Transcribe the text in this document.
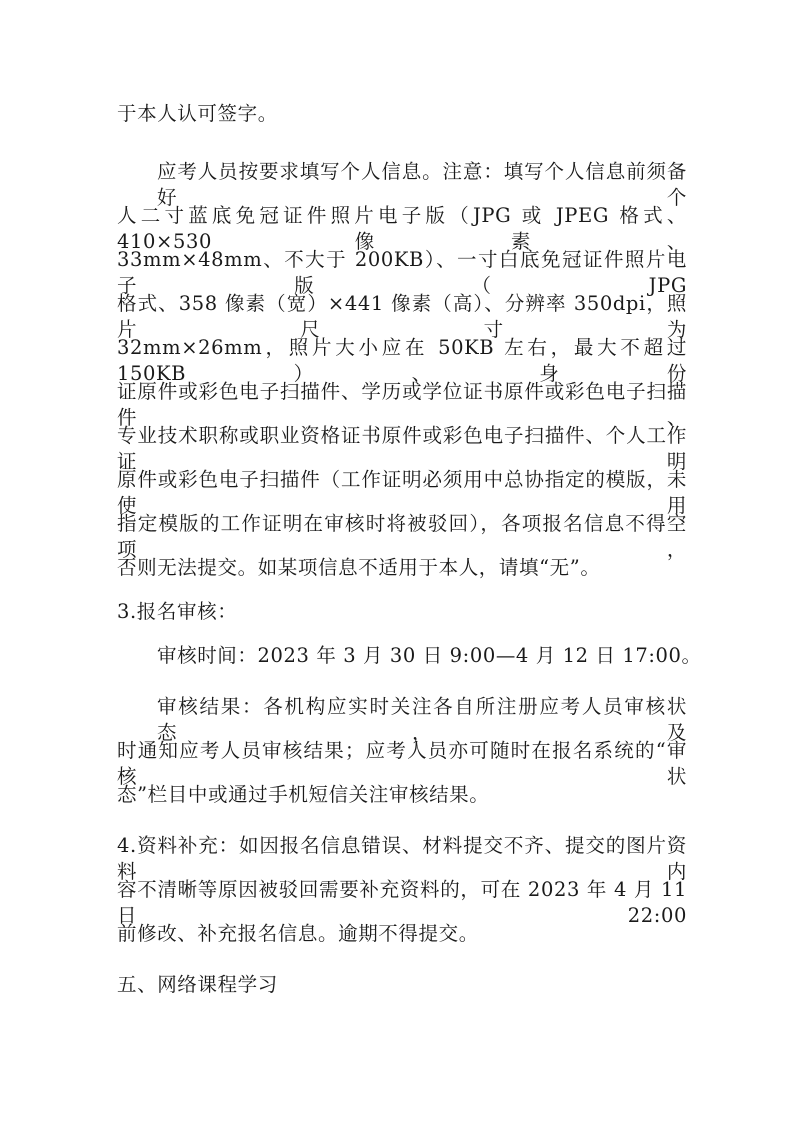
于本人认可签字。
应考人员按要求填写个人信息。注意：填写个人信息前须备好个
人二寸蓝底免冠证件照片电子版（JPG 或 JPEG 格式、410×530 像素、
33mm×48mm、不大于 200KB）、一寸白底免冠证件照片电子版（JPG
格式、358 像素（宽）×441 像素（高）、分辨率 350dpi，照片尺寸为
32mm×26mm，照片大小应在 50KB 左右，最大不超过 150KB）、身份
证原件或彩色电子扫描件、学历或学位证书原件或彩色电子扫描件、
专业技术职称或职业资格证书原件或彩色电子扫描件、个人工作证明
原件或彩色电子扫描件（工作证明必须用中总协指定的模版，未使用
指定模版的工作证明在审核时将被驳回），各项报名信息不得空项，
否则无法提交。如某项信息不适用于本人，请填“无”。
3.报名审核：
审核时间：2023 年 3 月 30 日 9:00—4 月 12 日 17:00。
审核结果：各机构应实时关注各自所注册应考人员审核状态，及
时通知应考人员审核结果；应考人员亦可随时在报名系统的“审核状
态”栏目中或通过手机短信关注审核结果。
4.资料补充：如因报名信息错误、材料提交不齐、提交的图片资料内
容不清晰等原因被驳回需要补充资料的，可在 2023 年 4 月 11 日 22:00
前修改、补充报名信息。逾期不得提交。
五、网络课程学习
